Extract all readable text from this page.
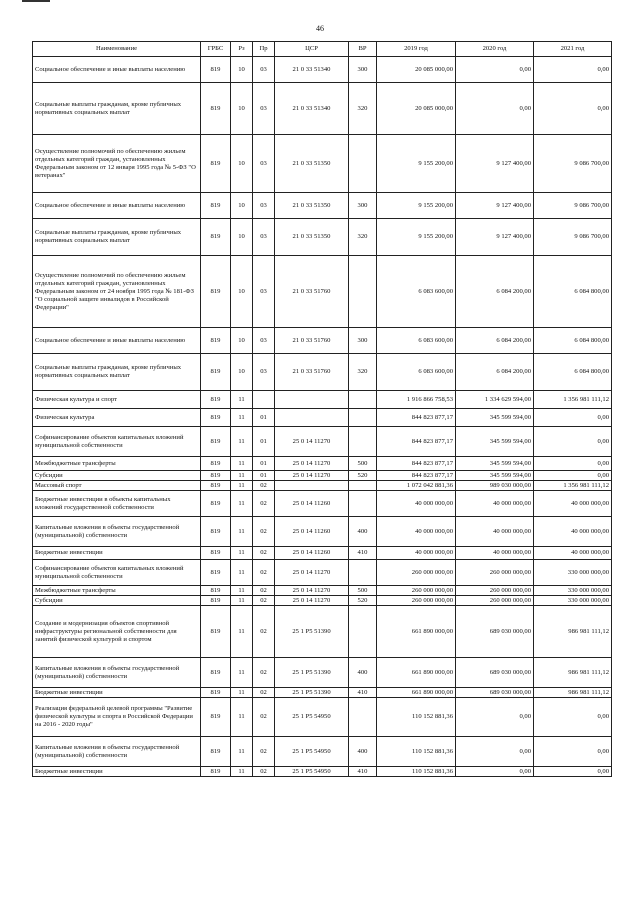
46
Наименование	ГРБС	Рз	Пр	ЦСР	ВР	2019 год	2020 год	2021 год
Социальное обеспечение и иные выплаты населению	819	10	03	21 0 33 51340	300	20 085 000,00	0,00	0,00
Социальные выплаты гражданам, кроме публичных нормативных социальных выплат	819	10	03	21 0 33 51340	320	20 085 000,00	0,00	0,00
Осуществление полномочий по обеспечению жильем отдельных категорий граждан, установленных Федеральным законом от 12 января 1995 года № 5-ФЗ "О ветеранах"	819	10	03	21 0 33 51350		9 155 200,00	9 127 400,00	9 086 700,00
Социальное обеспечение и иные выплаты населению	819	10	03	21 0 33 51350	300	9 155 200,00	9 127 400,00	9 086 700,00
Социальные выплаты гражданам, кроме публичных нормативных социальных выплат	819	10	03	21 0 33 51350	320	9 155 200,00	9 127 400,00	9 086 700,00
Осуществление полномочий по обеспечению жильем отдельных категорий граждан, установленных Федеральным законом от 24 ноября 1995 года № 181-ФЗ "О социальной защите инвалидов в Российской Федерации"	819	10	03	21 0 33 51760		6 083 600,00	6 084 200,00	6 084 800,00
Социальное обеспечение и иные выплаты населению	819	10	03	21 0 33 51760	300	6 083 600,00	6 084 200,00	6 084 800,00
Социальные выплаты гражданам, кроме публичных нормативных социальных выплат	819	10	03	21 0 33 51760	320	6 083 600,00	6 084 200,00	6 084 800,00
Физическая культура и спорт	819	11				1 916 866 758,53	1 334 629 594,00	1 356 981 111,12
Физическая культура	819	11	01			844 823 877,17	345 599 594,00	0,00
Софинансирование объектов капитальных вложений муниципальной собственности	819	11	01	25 0 14 11270		844 823 877,17	345 599 594,00	0,00
Межбюджетные трансферты	819	11	01	25 0 14 11270	500	844 823 877,17	345 599 594,00	0,00
Субсидии	819	11	01	25 0 14 11270	520	844 823 877,17	345 599 594,00	0,00
Массовый спорт	819	11	02			1 072 042 881,36	989 030 000,00	1 356 981 111,12
Бюджетные инвестиции в объекты капитальных вложений государственной собственности	819	11	02	25 0 14 11260		40 000 000,00	40 000 000,00	40 000 000,00
Капитальные вложения в объекты государственной (муниципальной) собственности	819	11	02	25 0 14 11260	400	40 000 000,00	40 000 000,00	40 000 000,00
Бюджетные инвестиции	819	11	02	25 0 14 11260	410	40 000 000,00	40 000 000,00	40 000 000,00
Софинансирование объектов капитальных вложений муниципальной собственности	819	11	02	25 0 14 11270		260 000 000,00	260 000 000,00	330 000 000,00
Межбюджетные трансферты	819	11	02	25 0 14 11270	500	260 000 000,00	260 000 000,00	330 000 000,00
Субсидии	819	11	02	25 0 14 11270	520	260 000 000,00	260 000 000,00	330 000 000,00
Создание и модернизация объектов спортивной инфраструктуры региональной собственности для занятий физической культурой и спортом	819	11	02	25 1 P5 51390		661 890 000,00	689 030 000,00	986 981 111,12
Капитальные вложения в объекты государственной (муниципальной) собственности	819	11	02	25 1 P5 51390	400	661 890 000,00	689 030 000,00	986 981 111,12
Бюджетные инвестиции	819	11	02	25 1 P5 51390	410	661 890 000,00	689 030 000,00	986 981 111,12
Реализация федеральной целевой программы "Развитие физической культуры и спорта в Российской Федерации на 2016 - 2020 годы"	819	11	02	25 1 P5 54950		110 152 881,36	0,00	0,00
Капитальные вложения в объекты государственной (муниципальной) собственности	819	11	02	25 1 P5 54950	400	110 152 881,36	0,00	0,00
Бюджетные инвестиции	819	11	02	25 1 P5 54950	410	110 152 881,36	0,00	0,00
